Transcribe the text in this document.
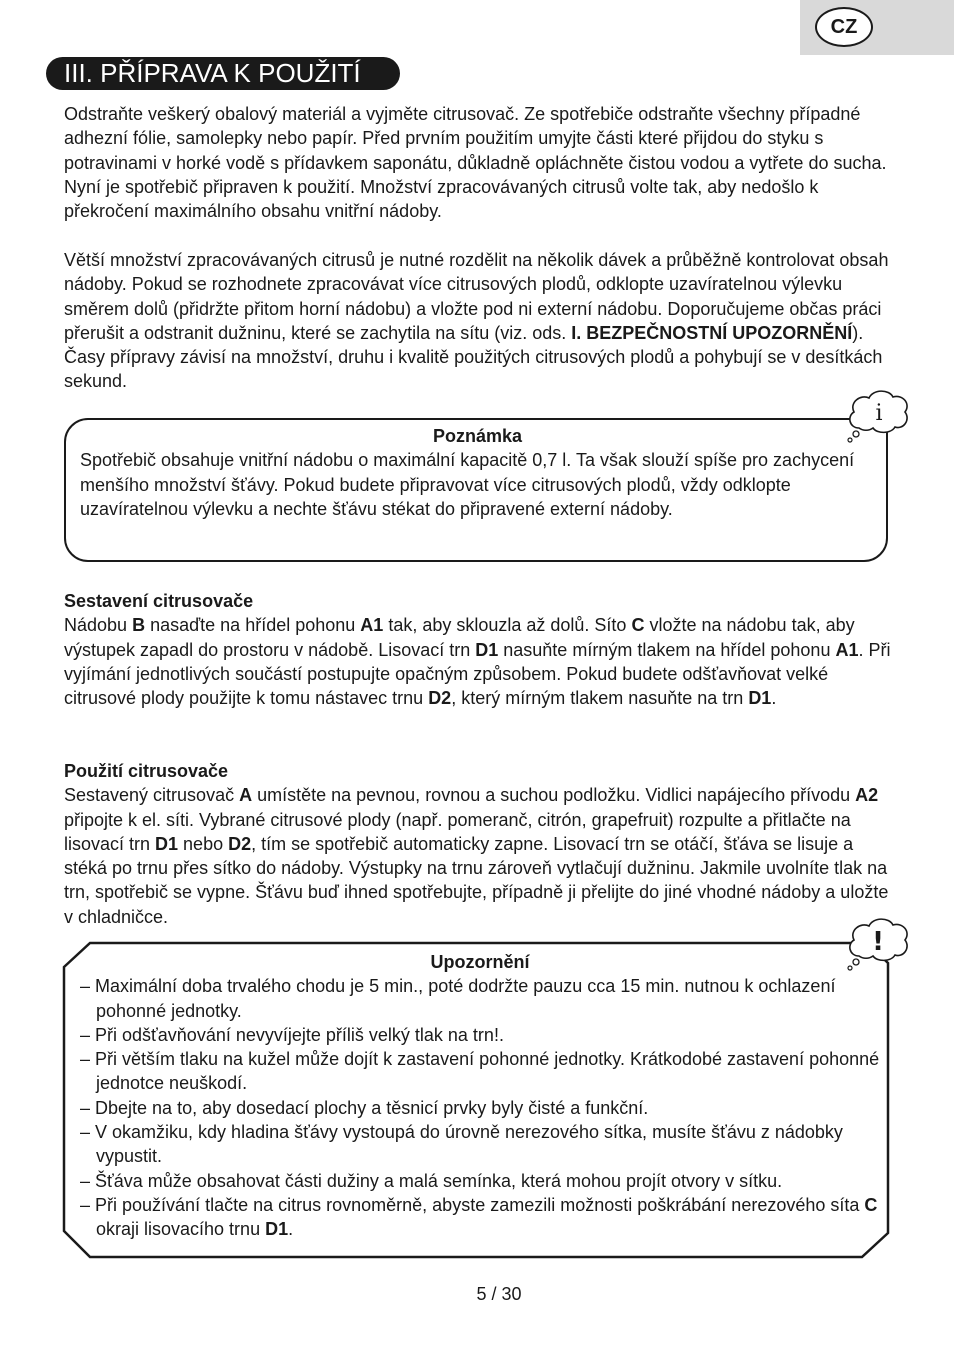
CZ
III. PŘÍPRAVA K POUŽITÍ

Odstraňte veškerý obalový materiál a vyjměte citrusovač. Ze spotřebiče odstraňte všechny případné adhezní fólie, samolepky nebo papír. Před prvním použitím umyjte části které přijdou do styku s potravinami v horké vodě s přídavkem saponátu, důkladně opláchněte čistou vodou a vytřete do sucha. Nyní je spotřebič připraven k použití. Množství zpracovávaných citrusů volte tak, aby nedošlo k překročení maximálního obsahu vnitřní nádoby.

Větší množství zpracovávaných citrusů je nutné rozdělit na několik dávek a průběžně kontrolovat obsah nádoby. Pokud se rozhodnete zpracovávat více citrusových plodů, odklopte uzavíratelnou výlevku směrem dolů (přidržte přitom horní nádobu) a vložte pod ni externí nádobu. Doporučujeme občas práci přerušit a odstranit dužninu, které se zachytila na sítu (viz. ods. I. BEZPEČNOSTNÍ UPOZORNĚNÍ). Časy přípravy závisí na množství, druhu i kvalitě použitých citrusových plodů a pohybují se v desítkách sekund.

Poznámka

Spotřebič obsahuje vnitřní nádobu o maximální kapacitě 0,7 l. Ta však slouží spíše pro zachycení menšího množství šťávy. Pokud budete připravovat více citrusových plodů, vždy odklopte uzavíratelnou výlevku a nechte šťávu stékat do připravené externí nádoby.

i
Sestavení citrusovače
Nádobu B nasaďte na hřídel pohonu A1 tak, aby sklouzla až dolů. Síto C vložte na nádobu tak, aby výstupek zapadl do prostoru v nádobě. Lisovací trn D1 nasuňte mírným tlakem na hřídel pohonu A1. Při vyjímání jednotlivých součástí postupujte opačným způsobem. Pokud budete odšťavňovat velké citrusové plody použijte k tomu nástavec trnu D2, který mírným tlakem nasuňte na trn D1.
Použití citrusovače
Sestavený citrusovač A umístěte na pevnou, rovnou a suchou podložku. Vidlici napájecího přívodu A2 připojte k el. síti. Vybrané citrusové plody (např. pomeranč, citrón, grapefruit) rozpulte a přitlačte na lisovací trn D1 nebo D2, tím se spotřebič automaticky zapne. Lisovací trn se otáčí, šťáva se lisuje a stéká po trnu přes sítko do nádoby. Výstupky na trnu zároveň vytlačují dužninu. Jakmile uvolníte tlak na trn, spotřebič se vypne. Šťávu buď ihned spotřebujte, případně ji přelijte do jiné vhodné nádoby a uložte v chladničce.

Upozornění

– Maximální doba trvalého chodu je 5 min., poté dodržte pauzu cca 15 min. nutnou k ochlazení pohonné jednotky.
– Při odšťavňování nevyvíjejte příliš velký tlak na trn!.
– Při větším tlaku na kužel může dojít k zastavení pohonné jednotky. Krátkodobé zastavení pohonné jednotce neuškodí.
– Dbejte na to, aby dosedací plochy a těsnicí prvky byly čisté a funkční.
– V okamžiku, kdy hladina šťávy vystoupá do úrovně nerezového sítka, musíte šťávu z nádobky vypustit.
– Šťáva může obsahovat části dužiny a malá semínka, která mohou projít otvory v sítku.
– Při používání tlačte na citrus rovnoměrně, abyste zamezili možnosti poškrábání nerezového síta C okraji lisovacího trnu D1.
!
5 / 30
